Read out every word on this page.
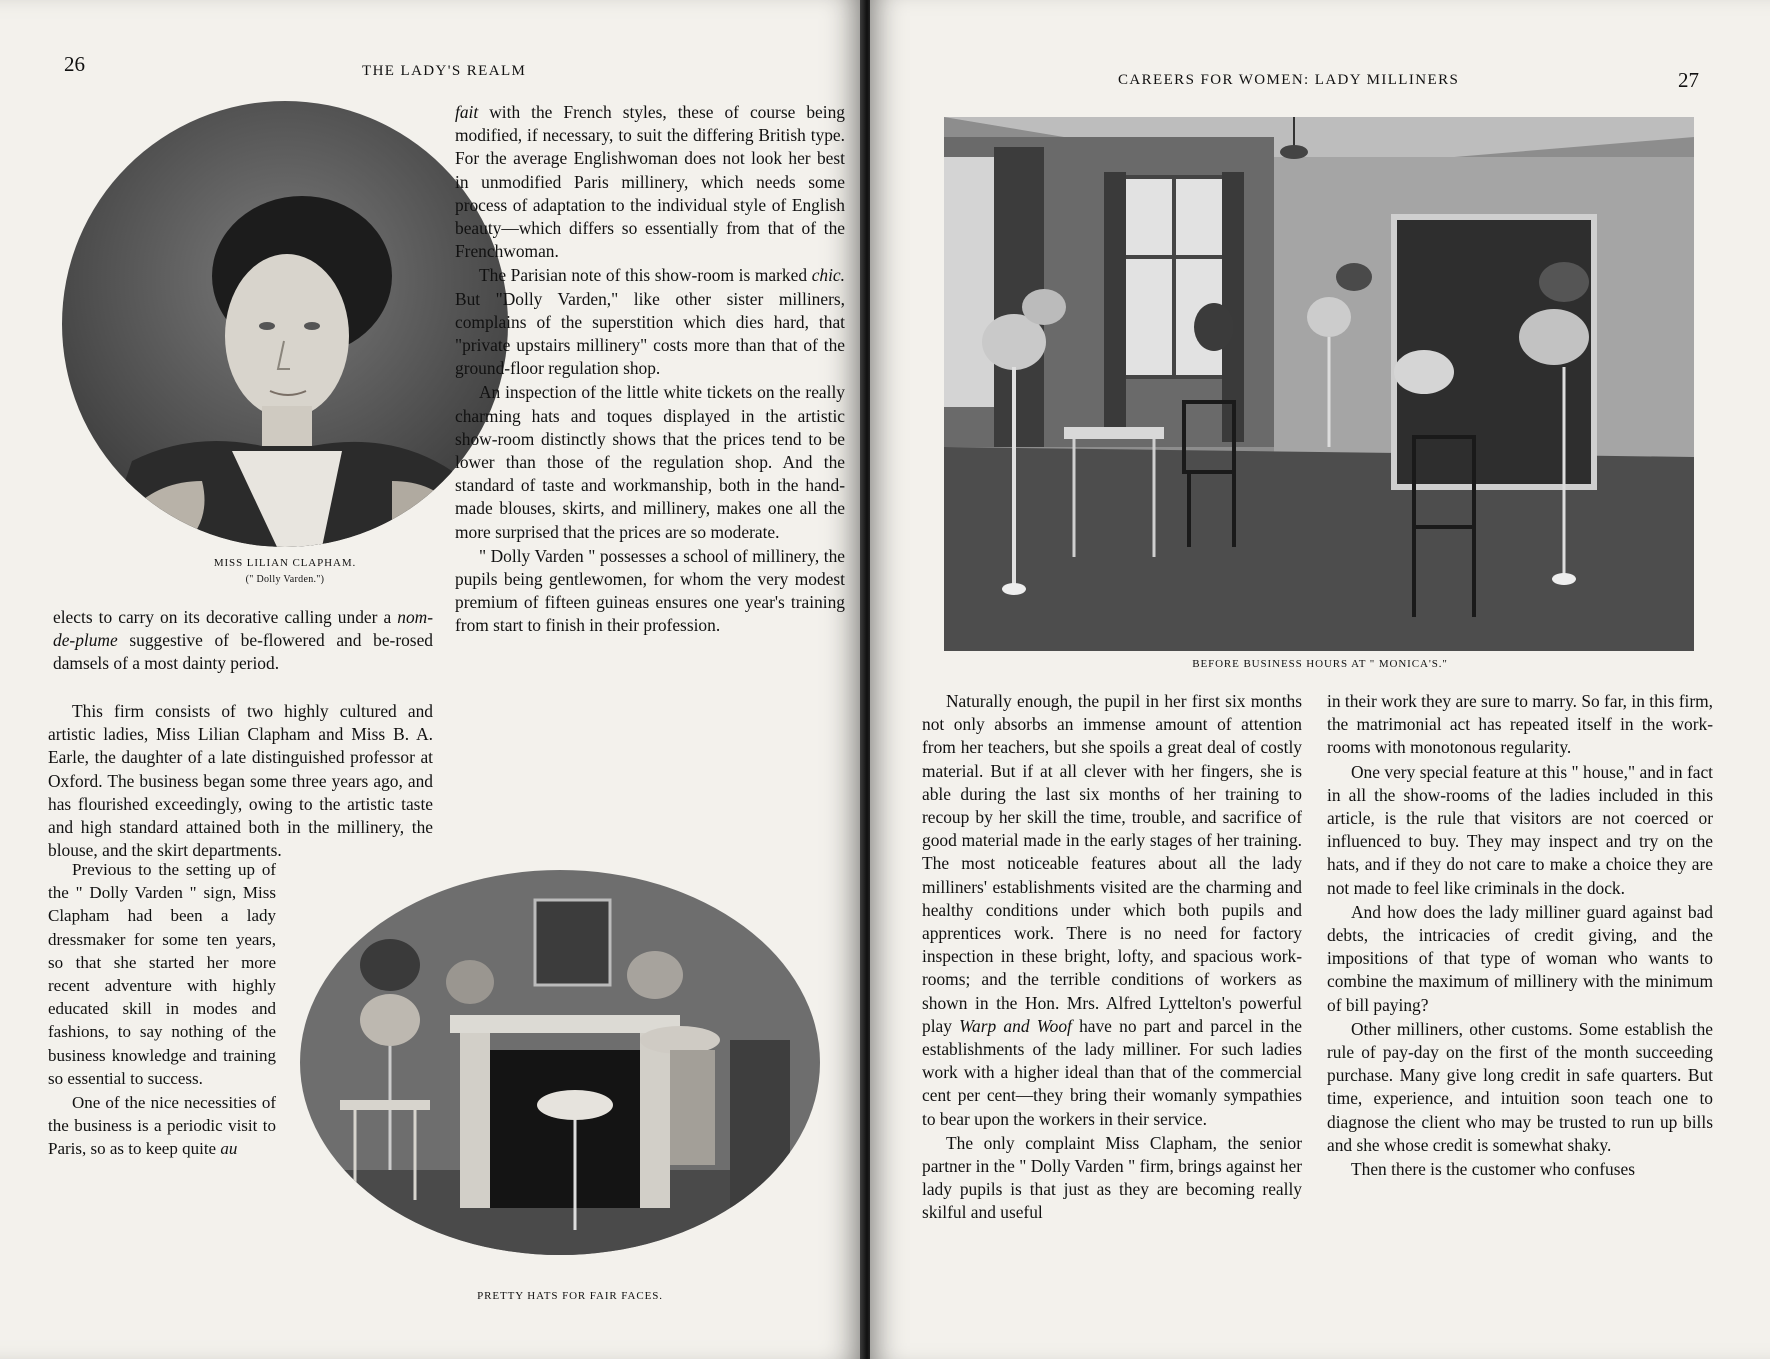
26	THE LADY'S REALM
MISS LILIAN CLAPHAM.
(" Dolly Varden.")

elects to carry on its decorative calling under a nom-de-plume suggestive of be-flowered and be-rosed damsels of a most dainty period.

This firm consists of two highly cultured and artistic ladies, Miss Lilian Clapham and Miss B. A. Earle, the daughter of a late distinguished professor at Oxford. The business began some three years ago, and has flourished exceedingly, owing to the artistic taste and high standard attained both in the millinery, the blouse, and the skirt departments.

Previous to the setting up of the " Dolly Varden " sign, Miss Clapham had been a lady dressmaker for some ten years, so that she started her more recent adventure with highly educated skill in modes and fashions, to say nothing of the business knowledge and training so essential to success.

One of the nice necessities of the business is a periodic visit to Paris, so as to keep quite au

fait with the French styles, these of course being modified, if necessary, to suit the differing British type. For the average Englishwoman does not look her best in unmodified Paris millinery, which needs some process of adaptation to the individual style of English beauty—which differs so essentially from that of the Frenchwoman.

The Parisian note of this show-room is marked chic. But "Dolly Varden," like other sister milliners, complains of the superstition which dies hard, that "private upstairs millinery" costs more than that of the ground-floor regulation shop.

An inspection of the little white tickets on the really charming hats and toques displayed in the artistic show-room distinctly shows that the prices tend to be lower than those of the regulation shop. And the standard of taste and workmanship, both in the hand-made blouses, skirts, and millinery, makes one all the more surprised that the prices are so moderate.

" Dolly Varden " possesses a school of millinery, the pupils being gentlewomen, for whom the very modest premium of fifteen guineas ensures one year's training from start to finish in their profession.

PRETTY HATS FOR FAIR FACES.
CAREERS FOR WOMEN: LADY MILLINERS	27
BEFORE BUSINESS HOURS AT " MONICA'S."

Naturally enough, the pupil in her first six months not only absorbs an immense amount of attention from her teachers, but she spoils a great deal of costly material. But if at all clever with her fingers, she is able during the last six months of her training to recoup by her skill the time, trouble, and sacrifice of good material made in the early stages of her training. The most noticeable features about all the lady milliners' establishments visited are the charming and healthy conditions under which both pupils and apprentices work. There is no need for factory inspection in these bright, lofty, and spacious work-rooms; and the terrible conditions of workers as shown in the Hon. Mrs. Alfred Lyttelton's powerful play Warp and Woof have no part and parcel in the establishments of the lady milliner. For such ladies work with a higher ideal than that of the commercial cent per cent—they bring their womanly sympathies to bear upon the workers in their service.

The only complaint Miss Clapham, the senior partner in the " Dolly Varden " firm, brings against her lady pupils is that just as they are becoming really skilful and useful

in their work they are sure to marry. So far, in this firm, the matrimonial act has repeated itself in the work-rooms with monotonous regularity.

One very special feature at this " house," and in fact in all the show-rooms of the ladies included in this article, is the rule that visitors are not coerced or influenced to buy. They may inspect and try on the hats, and if they do not care to make a choice they are not made to feel like criminals in the dock.

And how does the lady milliner guard against bad debts, the intricacies of credit giving, and the impositions of that type of woman who wants to combine the maximum of millinery with the minimum of bill paying?

Other milliners, other customs. Some establish the rule of pay-day on the first of the month succeeding purchase. Many give long credit in safe quarters. But time, experience, and intuition soon teach one to diagnose the client who may be trusted to run up bills and she whose credit is somewhat shaky.

Then there is the customer who confuses
